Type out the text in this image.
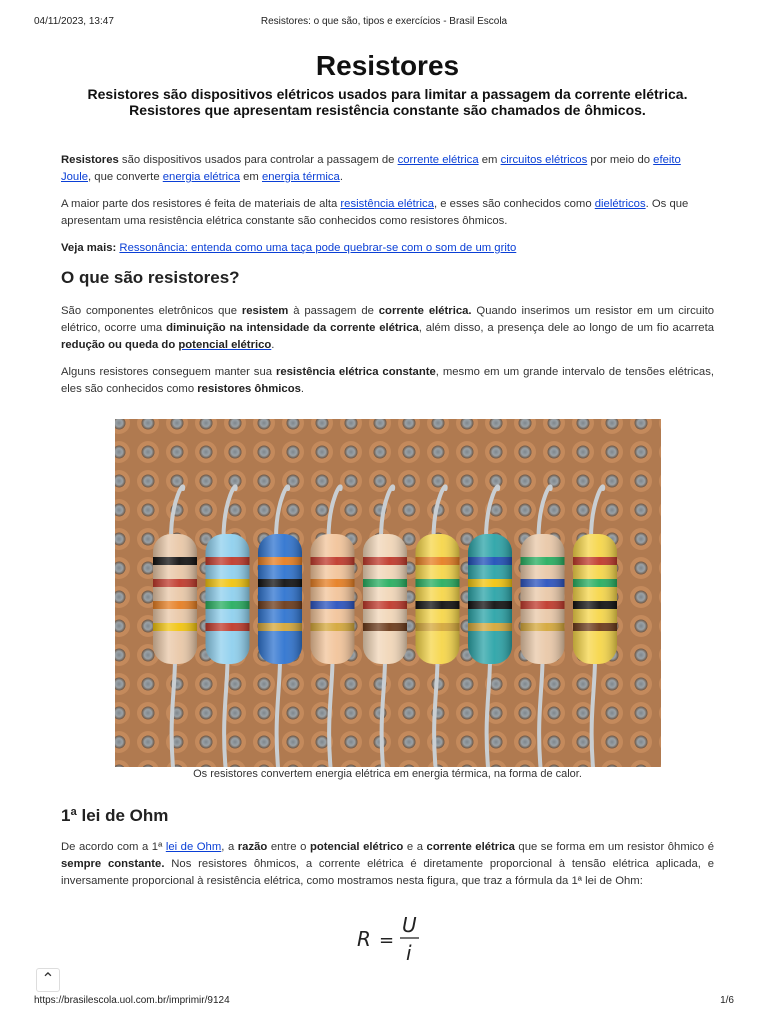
04/11/2023, 13:47	Resistores: o que são, tipos e exercícios - Brasil Escola
Resistores
Resistores são dispositivos elétricos usados para limitar a passagem da corrente elétrica.
Resistores que apresentam resistência constante são chamados de ôhmicos.

Resistores são dispositivos usados para controlar a passagem de corrente elétrica em circuitos elétricos por meio do efeito Joule, que converte energia elétrica em energia térmica.

A maior parte dos resistores é feita de materiais de alta resistência elétrica, e esses são conhecidos como dielétricos. Os que apresentam uma resistência elétrica constante são conhecidos como resistores ôhmicos.

Veja mais: Ressonância: entenda como uma taça pode quebrar-se com o som de um grito

O que são resistores?

São componentes eletrônicos que resistem à passagem de corrente elétrica. Quando inserimos um resistor em um circuito elétrico, ocorre uma diminuição na intensidade da corrente elétrica, além disso, a presença dele ao longo de um fio acarreta redução ou queda do potencial elétrico.

Alguns resistores conseguem manter sua resistência elétrica constante, mesmo em um grande intervalo de tensões elétricas, eles são conhecidos como resistores ôhmicos.

Os resistores convertem energia elétrica em energia térmica, na forma de calor.
1ª lei de Ohm

De acordo com a 1ª lei de Ohm, a razão entre o potencial elétrico e a corrente elétrica que se forma em um resistor ôhmico é sempre constante. Nos resistores ôhmicos, a corrente elétrica é diretamente proporcional à tensão elétrica aplicada, e inversamente proporcional à resistência elétrica, como mostramos nesta figura, que traz a fórmula da 1ª lei de Ohm:

R =
U
i
⌃
https://brasilescola.uol.com.br/imprimir/9124	1/6
